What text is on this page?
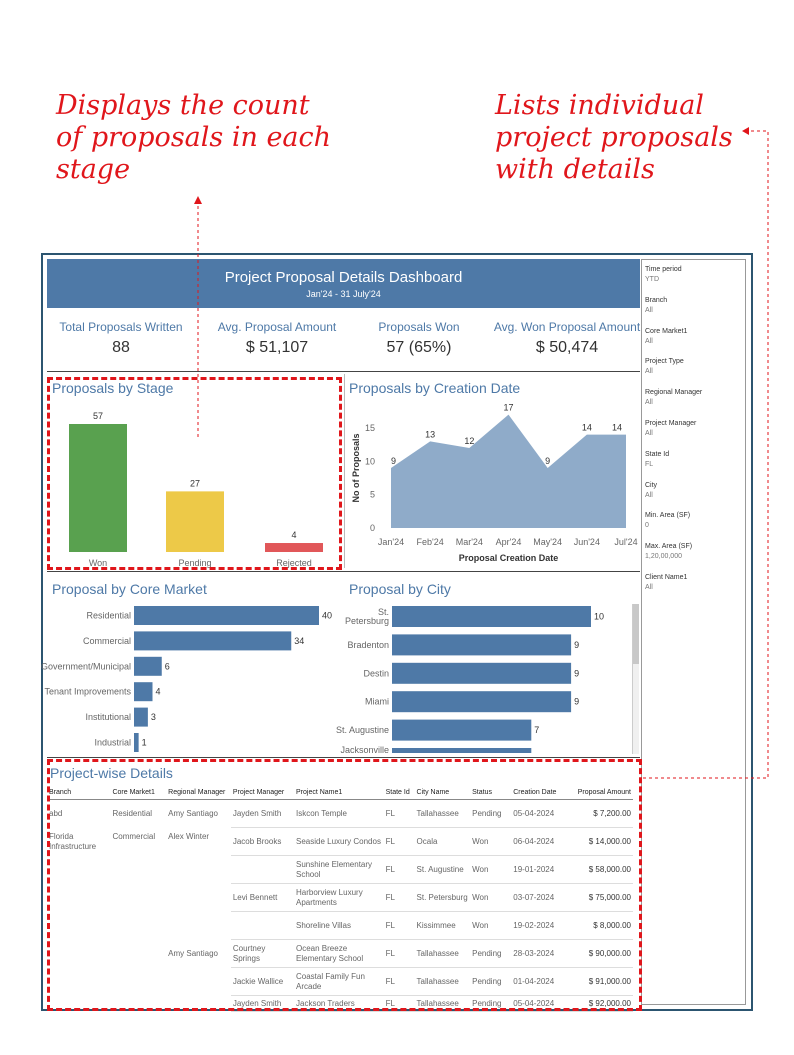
Displays the count
of proposals in each
stage
Lists individual
project proposals
with details
Project Proposal Details Dashboard
Jan'24 - 31 July'24
Total Proposals Written
88
Avg. Proposal Amount
$ 51,107
Proposals Won
57 (65%)
Avg. Won Proposal Amount
$ 50,474
Proposals by Stage
57
Won
27
Pending
4
Rejected
Proposals by Creation Date
0
5
10
15
9
13
12
17
9
14 14
Jan'24 Feb'24 Mar'24 Apr'24 May'24 Jun'24 Jul'24
Proposal Creation Date
No of Proposals
Proposal by Core Market
Residential	40
Commercial	34
Government/Municipal	6
Tenant Improvements	4
Institutional 3
Industrial 1
Proposal by City
St.
Petersburg	10
Bradenton	9
Destin	9
Miami	9
St. Augustine	7
Jacksonville
Time period
YTD
Branch
All
Core Market1
All
Project Type
All
Regional Manager
All
Project Manager
All
State Id
FL
City
All
Min. Area (SF)
0
Max. Area (SF)
1,20,00,000
Client Name1
All
Project-wise Details
Branch	Core Market1	Regional Manager	Project Manager	Project Name1	State Id	City Name	Status	Creation Date	Proposal Amount
abd	Residential	Amy Santiago	Jayden Smith	Iskcon Temple	FL	Tallahassee	Pending	05-04-2024	$ 7,200.00
Florida Infrastructure	Commercial	Alex Winter	Jacob Brooks	Seaside Luxury Condos	FL	Ocala	Won	06-04-2024	$ 14,000.00
				Sunshine Elementary School	FL	St. Augustine	Won	19-01-2024	$ 58,000.00
			Levi Bennett	Harborview Luxury Apartments	FL	St. Petersburg	Won	03-07-2024	$ 75,000.00
				Shoreline Villas	FL	Kissimmee	Won	19-02-2024	$ 8,000.00
		Amy Santiago	Courtney Springs	Ocean Breeze Elementary School	FL	Tallahassee	Pending	28-03-2024	$ 90,000.00
			Jackie Wallice	Coastal Family Fun Arcade	FL	Tallahassee	Pending	01-04-2024	$ 91,000.00
			Jayden Smith	Jackson Traders	FL	Tallahassee	Pending	05-04-2024	$ 92,000.00
